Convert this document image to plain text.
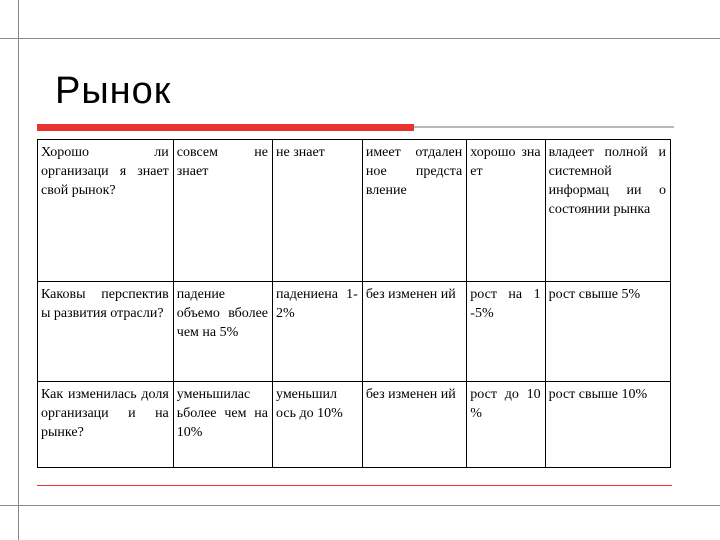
Рынок
Хорошо ли организаци я знает свой рынок?	совсем не знает	не знает	имеет отдален ное предста вление	хорошо зна ет	владеет полной и системной информац ии о состоянии рынка

Каковы перспектив ы развития отрасли?	падение объемо вболее чем на 5%	падениена 1-2%	без изменен ий	рост на 1 -5%	рост свыше 5%

Как изменилась доля организаци и на рынке?	уменьшилас ьболее чем на 10%	уменьшил ось до 10%	без изменен ий	рост до 10 %	рост свыше 10%
